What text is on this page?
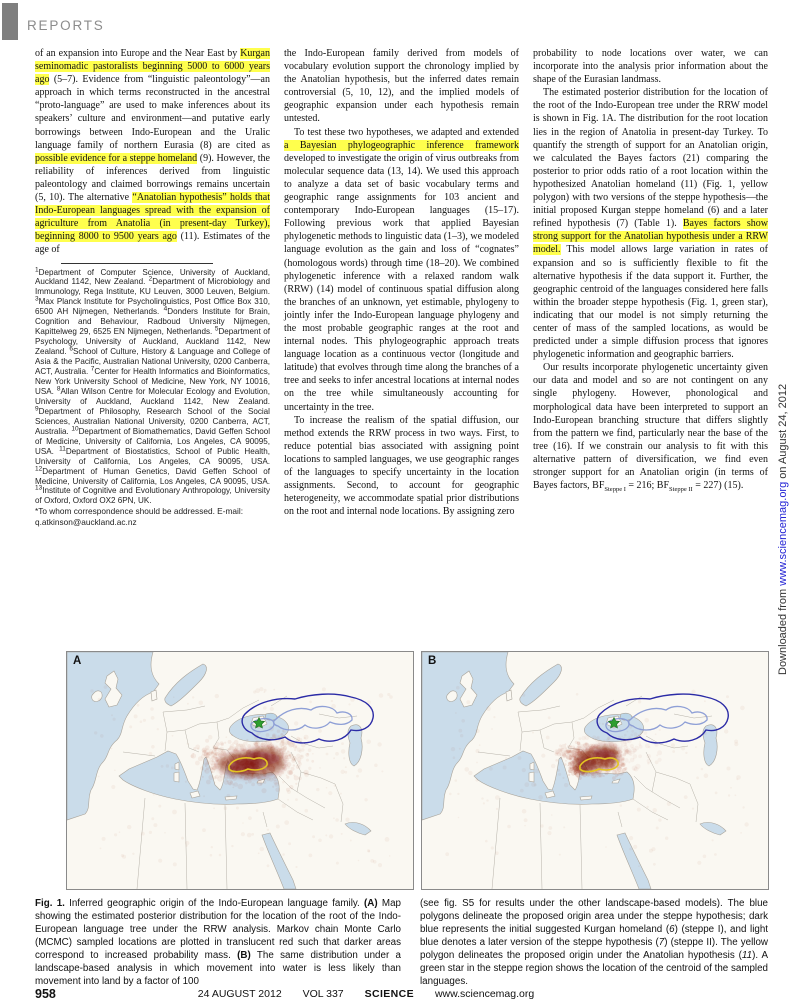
REPORTS

of an expansion into Europe and the Near East by Kurgan seminomadic pastoralists beginning 5000 to 6000 years ago (5–7). Evidence from “linguistic paleontology”—an approach in which terms reconstructed in the ancestral “proto-language” are used to make inferences about its speakers’ culture and environment—and putative early borrowings between Indo-European and the Uralic language family of northern Eurasia (8) are cited as possible evidence for a steppe homeland (9). However, the reliability of inferences derived from linguistic paleontology and claimed borrowings remains uncertain (5, 10). The alternative “Anatolian hypothesis” holds that Indo-European languages spread with the expansion of agriculture from Anatolia (in present-day Turkey), beginning 8000 to 9500 years ago (11). Estimates of the age of

$^1$Department of Computer Science, University of Auckland, Auckland 1142, New Zealand. $^2$Department of Microbiology and Immunology, Rega Institute, KU Leuven, 3000 Leuven, Belgium. $^3$Max Planck Institute for Psycholinguistics, Post Office Box 310, 6500 AH Nijmegen, Netherlands. $^4$Donders Institute for Brain, Cognition and Behaviour, Radboud University Nijmegen, Kapittelweg 29, 6525 EN Nijmegen, Netherlands. $^5$Department of Psychology, University of Auckland, Auckland 1142, New Zealand. $^6$School of Culture, History & Language and College of Asia & the Pacific, Australian National University, 0200 Canberra, ACT, Australia. $^7$Center for Health Informatics and Bioinformatics, New York University School of Medicine, New York, NY 10016, USA. $^8$Allan Wilson Centre for Molecular Ecology and Evolution, University of Auckland, Auckland 1142, New Zealand. $^9$Department of Philosophy, Research School of the Social Sciences, Australian National University, 0200 Canberra, ACT, Australia. $^{10}$Department of Biomathematics, David Geffen School of Medicine, University of California, Los Angeles, CA 90095, USA. $^{11}$Department of Biostatistics, School of Public Health, University of California, Los Angeles, CA 90095, USA. $^{12}$Department of Human Genetics, David Geffen School of Medicine, University of California, Los Angeles, CA 90095, USA. $^{13}$Institute of Cognitive and Evolutionary Anthropology, University of Oxford, Oxford OX2 6PN, UK.

*To whom correspondence should be addressed. E-mail: q.atkinson@auckland.ac.nz

the Indo-European family derived from models of vocabulary evolution support the chronology implied by the Anatolian hypothesis, but the inferred dates remain controversial (5, 10, 12), and the implied models of geographic expansion under each hypothesis remain untested.

To test these two hypotheses, we adapted and extended a Bayesian phylogeographic inference framework developed to investigate the origin of virus outbreaks from molecular sequence data (13, 14). We used this approach to analyze a data set of basic vocabulary terms and geographic range assignments for 103 ancient and contemporary Indo-European languages (15–17). Following previous work that applied Bayesian phylogenetic methods to linguistic data (1–3), we modeled language evolution as the gain and loss of “cognates” (homologous words) through time (18–20). We combined phylogenetic inference with a relaxed random walk (RRW) (14) model of continuous spatial diffusion along the branches of an unknown, yet estimable, phylogeny to jointly infer the Indo-European language phylogeny and the most probable geographic ranges at the root and internal nodes. This phylogeographic approach treats language location as a continuous vector (longitude and latitude) that evolves through time along the branches of a tree and seeks to infer ancestral locations at internal nodes on the tree while simultaneously accounting for uncertainty in the tree.

To increase the realism of the spatial diffusion, our method extends the RRW process in two ways. First, to reduce potential bias associated with assigning point locations to sampled languages, we use geographic ranges of the languages to specify uncertainty in the location assignments. Second, to account for geographic heterogeneity, we accommodate spatial prior distributions on the root and internal node locations. By assigning zero

probability to node locations over water, we can incorporate into the analysis prior information about the shape of the Eurasian landmass.

The estimated posterior distribution for the location of the root of the Indo-European tree under the RRW model is shown in Fig. 1A. The distribution for the root location lies in the region of Anatolia in present-day Turkey. To quantify the strength of support for an Anatolian origin, we calculated the Bayes factors (21) comparing the posterior to prior odds ratio of a root location within the hypothesized Anatolian homeland (11) (Fig. 1, yellow polygon) with two versions of the steppe hypothesis—the initial proposed Kurgan steppe homeland (6) and a later refined hypothesis (7) (Table 1). Bayes factors show strong support for the Anatolian hypothesis under a RRW model. This model allows large variation in rates of expansion and so is sufficiently flexible to fit the alternative hypothesis if the data support it. Further, the geographic centroid of the languages considered here falls within the broader steppe hypothesis (Fig. 1, green star), indicating that our model is not simply returning the center of mass of the sampled locations, as would be predicted under a simple diffusion process that ignores phylogenetic information and geographic barriers.

Our results incorporate phylogenetic uncertainty given our data and model and so are not contingent on any single phylogeny. However, phonological and morphological data have been interpreted to support an Indo-European branching structure that differs slightly from the pattern we find, particularly near the base of the tree (16). If we constrain our analysis to fit with this alternative pattern of diversification, we find even stronger support for an Anatolian origin (in terms of Bayes factors, $BF_{Steppe I} = 216$; $BF_{Steppe II} = 227$) (15).

Downloaded from www.sciencemag.org on August 24, 2012
A	B
Fig. 1. Inferred geographic origin of the Indo-European language family. (A) Map showing the estimated posterior distribution for the location of the root of the Indo-European language tree under the RRW analysis. Markov chain Monte Carlo (MCMC) sampled locations are plotted in translucent red such that darker areas correspond to increased probability mass. (B) The same distribution under a landscape-based analysis in which movement into water is less likely than movement into land by a factor of 100
(see fig. S5 for results under the other landscape-based models). The blue polygons delineate the proposed origin area under the steppe hypothesis; dark blue represents the initial suggested Kurgan homeland (6) (steppe I), and light blue denotes a later version of the steppe hypothesis (7) (steppe II). The yellow polygon delineates the proposed origin under the Anatolian hypothesis (11). A green star in the steppe region shows the location of the centroid of the sampled languages.
958	24 AUGUST 2012 VOL 337 SCIENCE www.sciencemag.org
